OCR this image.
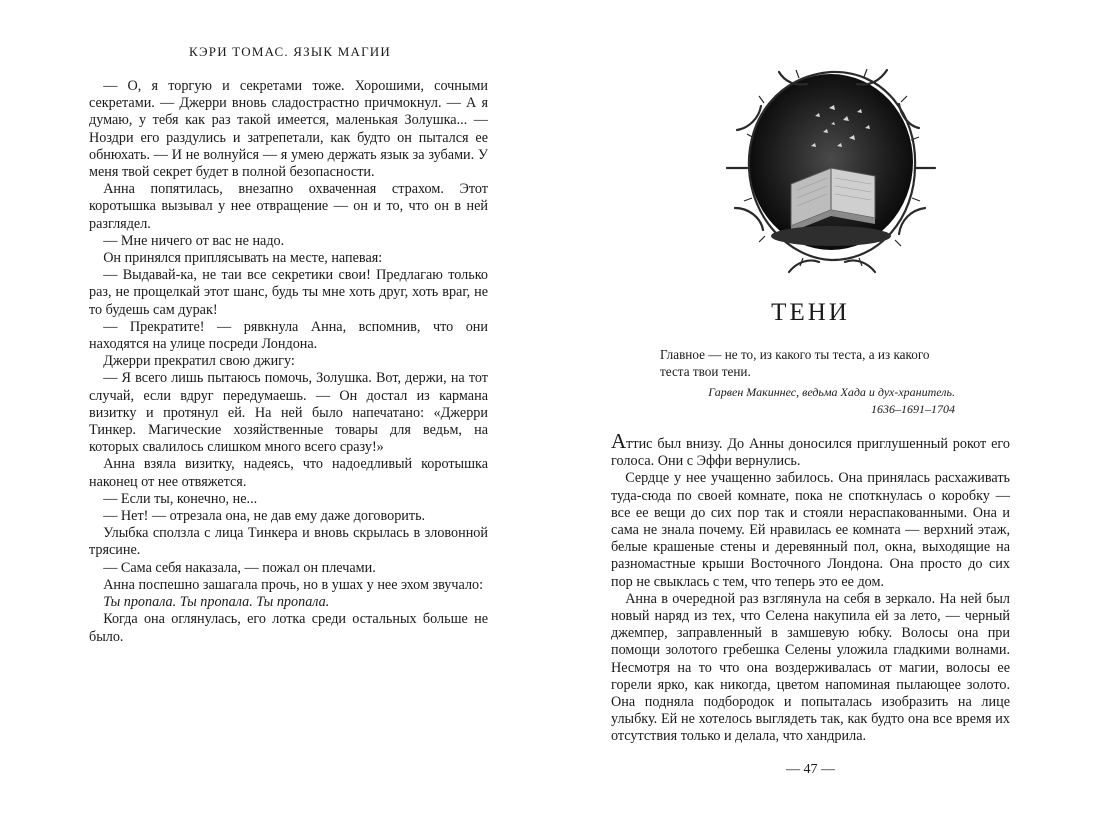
КЭРИ ТОМАС. ЯЗЫК МАГИИ

— О, я торгую и секретами тоже. Хорошими, сочными секретами. — Джерри вновь сладострастно причмокнул. — А я думаю, у тебя как раз такой имеется, маленькая Золушка... — Ноздри его раздулись и затрепетали, как будто он пытался ее обнюхать. — И не волнуйся — я умею держать язык за зубами. У меня твой секрет будет в полной безопасности.

Анна попятилась, внезапно охваченная страхом. Этот коротышка вызывал у нее отвращение — он и то, что он в ней разглядел.

— Мне ничего от вас не надо.

Он принялся приплясывать на месте, напевая:

— Выдавай-ка, не таи все секретики свои! Предлагаю только раз, не прощелкай этот шанс, будь ты мне хоть друг, хоть враг, не то будешь сам дурак!

— Прекратите! — рявкнула Анна, вспомнив, что они находятся на улице посреди Лондона.

Джерри прекратил свою джигу:

— Я всего лишь пытаюсь помочь, Золушка. Вот, держи, на тот случай, если вдруг передумаешь. — Он достал из кармана визитку и протянул ей. На ней было напечатано: «Джерри Тинкер. Магические хозяйственные товары для ведьм, на которых свалилось слишком много всего сразу!»

Анна взяла визитку, надеясь, что надоедливый коротышка наконец от нее отвяжется.

— Если ты, конечно, не...

— Нет! — отрезала она, не дав ему даже договорить.

Улыбка сползла с лица Тинкера и вновь скрылась в зловонной трясине.

— Сама себя наказала, — пожал он плечами.

Анна поспешно зашагала прочь, но в ушах у нее эхом звучало:

Ты пропала. Ты пропала. Ты пропала.

Когда она оглянулась, его лотка среди остальных больше не было.

ТЕНИ

Главное — не то, из какого ты теста, а из какого теста твои тени.

Гарвен Макиннес, ведьма Хада и дух-хранитель.

1636–1691–1704

Аттис был внизу. До Анны доносился приглушенный рокот его голоса. Они с Эффи вернулись.

Сердце у нее учащенно забилось. Она принялась расхаживать туда-сюда по своей комнате, пока не споткнулась о коробку — все ее вещи до сих пор так и стояли нераспакованными. Она и сама не знала почему. Ей нравилась ее комната — верхний этаж, белые крашеные стены и деревянный пол, окна, выходящие на разномастные крыши Восточного Лондона. Она просто до сих пор не свыклась с тем, что теперь это ее дом.

Анна в очередной раз взглянула на себя в зеркало. На ней был новый наряд из тех, что Селена накупила ей за лето, — черный джемпер, заправленный в замшевую юбку. Волосы она при помощи золотого гребешка Селены уложила гладкими волнами. Несмотря на то что она воздерживалась от магии, волосы ее горели ярко, как никогда, цветом напоминая пылающее золото. Она подняла подбородок и попыталась изобразить на лице улыбку. Ей не хотелось выглядеть так, как будто она все время их отсутствия только и делала, что хандрила.

— 47 —
